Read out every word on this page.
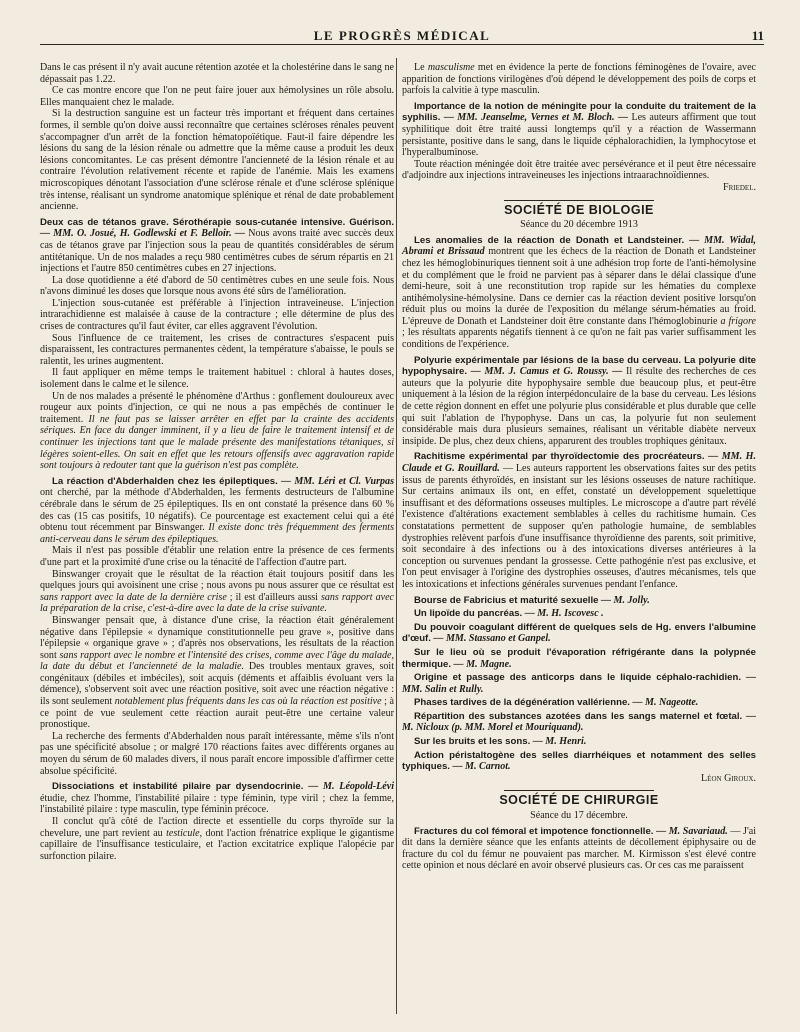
LE PROGRÈS MÉDICAL	11

Dans le cas présent il n'y avait aucune rétention azotée et la cholestérine dans le sang ne dépassait pas 1.22.

Ce cas montre encore que l'on ne peut faire jouer aux hémolysines un rôle absolu. Elles manquaient chez le malade.

Si la destruction sanguine est un facteur très important et fréquent dans certaines formes, il semble qu'on doive aussi reconnaître que certaines scléroses rénales peuvent s'accompagner d'un arrêt de la fonction hématopoïétique. Faut-il faire dépendre les lésions du sang de la lésion rénale ou admettre que la même cause a produit les deux lésions concomitantes. Le cas présent démontre l'ancienneté de la lésion rénale et au contraire l'évolution relativement récente et rapide de l'anémie. Mais les examens microscopiques dénotant l'association d'une sclérose rénale et d'une sclérose splénique très intense, réalisant un syndrome anatomique splénique et rénal de date probablement ancienne.

Deux cas de tétanos grave. Sérothérapie sous-cutanée intensive. Guérison. — MM. O. Josué, H. Godlewski et F. Belloir. — Nous avons traité avec succès deux cas de tétanos grave par l'injection sous la peau de quantités considérables de sérum antitétanique. Un de nos malades a reçu 980 centimètres cubes de sérum répartis en 21 injections et l'autre 850 centimètres cubes en 27 injections.

La dose quotidienne a été d'abord de 50 centimètres cubes en une seule fois. Nous n'avons diminué les doses que lorsque nous avons été sûrs de l'amélioration.

L'injection sous-cutanée est préférable à l'injection intraveineuse. L'injection intrarachidienne est malaisée à cause de la contracture ; elle détermine de plus des crises de contractures qu'il faut éviter, car elles aggravent l'évolution.

Sous l'influence de ce traitement, les crises de contractures s'espacent puis disparaissent, les contractures permanentes cèdent, la température s'abaisse, le pouls se ralentit, les urines augmentent.

Il faut appliquer en même temps le traitement habituel : chloral à hautes doses, isolement dans le calme et le silence.

Un de nos malades a présenté le phénomène d'Arthus : gonflement douloureux avec rougeur aux points d'injection, ce qui ne nous a pas empêchés de continuer le traitement. Il ne faut pas se laisser arrêter en effet par la crainte des accidents sériques. En face du danger imminent, il y a lieu de faire le traitement intensif et de continuer les injections tant que le malade présente des manifestations tétaniques, si légères soient-elles. On sait en effet que les retours offensifs avec aggravation rapide sont toujours à redouter tant que la guérison n'est pas complète.

La réaction d'Abderhalden chez les épileptiques. — MM. Léri et Cl. Vurpas ont cherché, par la méthode d'Abderhalden, les ferments destructeurs de l'albumine cérébrale dans le sérum de 25 épileptiques. Ils en ont constaté la présence dans 60 % des cas (15 cas positifs, 10 négatifs). Ce pourcentage est exactement celui qui a été obtenu tout récemment par Binswanger. Il existe donc très fréquemment des ferments anti-cerveau dans le sérum des épileptiques.

Mais il n'est pas possible d'établir une relation entre la présence de ces ferments d'une part et la proximité d'une crise ou la ténacité de l'affection d'autre part.

Binswanger croyait que le résultat de la réaction était toujours positif dans les quelques jours qui avoisinent une crise ; nous avons pu nous assurer que ce résultat est sans rapport avec la date de la dernière crise ; il est d'ailleurs aussi sans rapport avec la préparation de la crise, c'est-à-dire avec la date de la crise suivante.

Binswanger pensait que, à distance d'une crise, la réaction était généralement négative dans l'épilepsie « dynamique constitutionnelle peu grave », positive dans l'épilepsie « organique grave » ; d'après nos observations, les résultats de la réaction sont sans rapport avec le nombre et l'intensité des crises, comme avec l'âge du malade, la date du début et l'ancienneté de la maladie. Des troubles mentaux graves, soit congénitaux (débiles et imbéciles), soit acquis (déments et affaiblis évoluant vers la démence), s'observent soit avec une réaction positive, soit avec une réaction négative : ils sont seulement notablement plus fréquents dans les cas où la réaction est positive ; à ce point de vue seulement cette réaction aurait peut-être une certaine valeur pronostique.

La recherche des ferments d'Abderhalden nous paraît intéressante, même s'ils n'ont pas une spécificité absolue ; or malgré 170 réactions faites avec différents organes au moyen du sérum de 60 malades divers, il nous paraît encore impossible d'affirmer cette absolue spécificité.

Dissociations et instabilité pilaire par dysendocrinie. — M. Léopold-Lévi étudie, chez l'homme, l'instabilité pilaire : type féminin, type viril ; chez la femme, l'instabilité pilaire : type masculin, type féminin précoce.

Il conclut qu'à côté de l'action directe et essentielle du corps thyroïde sur la chevelure, une part revient au testicule, dont l'action frénatrice explique le gigantisme capillaire de l'insuffisance testiculaire, et l'action excitatrice explique l'alopécie par surfonction pilaire.

Le masculisme met en évidence la perte de fonctions féminogènes de l'ovaire, avec apparition de fonctions virilogènes d'où dépend le développement des poils de corps et parfois la calvitie à type masculin.

Importance de la notion de méningite pour la conduite du traitement de la syphilis. — MM. Jeanselme, Vernes et M. Bloch. — Les auteurs affirment que tout syphilitique doit être traité aussi longtemps qu'il y a réaction de Wassermann persistante, positive dans le sang, dans le liquide céphalorachidien, la lymphocytose et l'hyperalbuminose.

Toute réaction méningée doit être traitée avec persévérance et il peut être nécessaire d'adjoindre aux injections intraveineuses les injections intraarachnoïdiennes.

Friedel.
SOCIÉTÉ DE BIOLOGIE
Séance du 20 décembre 1913

Les anomalies de la réaction de Donath et Landsteiner. — MM. Widal, Abrami et Brissaud montrent que les échecs de la réaction de Donath et Landsteiner chez les hémoglobinuriques tiennent soit à une adhésion trop forte de l'anti-hémolysine et du complément que le froid ne parvient pas à séparer dans le délai classique d'une demi-heure, soit à une reconstitution trop rapide sur les hématies du complexe antihémolysine-hémolysine. Dans ce dernier cas la réaction devient positive lorsqu'on réduit plus ou moins la durée de l'exposition du mélange sérum-hématies au froid. L'épreuve de Donath et Landsteiner doit être constante dans l'hémoglobinurie a frigore ; les résultats apparents négatifs tiennent à ce qu'on ne fait pas varier suffisamment les conditions de l'expérience.

Polyurie expérimentale par lésions de la base du cerveau. La polyurie dite hypophysaire. — MM. J. Camus et G. Roussy. — Il résulte des recherches de ces auteurs que la polyurie dite hypophysaire semble due beaucoup plus, et peut-être uniquement à la lésion de la région interpédonculaire de la base du cerveau. Les lésions de cette région donnent en effet une polyurie plus considérable et plus durable que celle qui suit l'ablation de l'hypophyse. Dans un cas, la polyurie fut non seulement considérable mais dura plusieurs semaines, réalisant un véritable diabète nerveux insipide. De plus, chez deux chiens, apparurent des troubles trophiques génitaux.

Rachitisme expérimental par thyroïdectomie des procréateurs. — MM. H. Claude et G. Rouillard. — Les auteurs rapportent les observations faites sur des petits issus de parents éthyroïdés, en insistant sur les lésions osseuses de nature rachitique. Sur certains animaux ils ont, en effet, constaté un développement squelettique insuffisant et des déformations osseuses multiples. Le microscope a d'autre part révélé l'existence d'altérations exactement semblables à celles du rachitisme humain. Ces constatations permettent de supposer qu'en pathologie humaine, de semblables dystrophies relèvent parfois d'une insuffisance thyroïdienne des parents, soit primitive, soit secondaire à des infections ou à des intoxications diverses antérieures à la conception ou survenues pendant la grossesse. Cette pathogénie n'est pas exclusive, et l'on peut envisager à l'origine des dystrophies osseuses, d'autres mécanismes, tels que les intoxications et infections générales survenues pendant l'enfance.

Bourse de Fabricius et maturité sexuelle — M. Jolly.

Un lipoïde du pancréas. — M. H. Iscovesc .

Du pouvoir coagulant différent de quelques sels de Hg. envers l'albumine d'œuf. — MM. Stassano et Ganpel.

Sur le lieu où se produit l'évaporation réfrigérante dans la polypnée thermique. — M. Magne.

Origine et passage des anticorps dans le liquide céphalo-rachidien. — MM. Salin et Rully.

Phases tardives de la dégénération vallérienne. — M. Nageotte.

Répartition des substances azotées dans les sangs maternel et fœtal. — M. Nicloux (p. MM. Morel et Mouriquand).

Sur les bruits et les sons. — M. Henri.

Action péristaltogène des selles diarrhéiques et notamment des selles typhiques. — M. Carnot.

Léon Giroux.
SOCIÉTÉ DE CHIRURGIE
Séance du 17 décembre.

Fractures du col fémoral et impotence fonctionnelle. — M. Savariaud. — J'ai dit dans la dernière séance que les enfants atteints de décollement épiphysaire ou de fracture du col du fémur ne pouvaient pas marcher. M. Kirmisson s'est élevé contre cette opinion et nous déclaré en avoir observé plusieurs cas. Or ces cas me paraissent
